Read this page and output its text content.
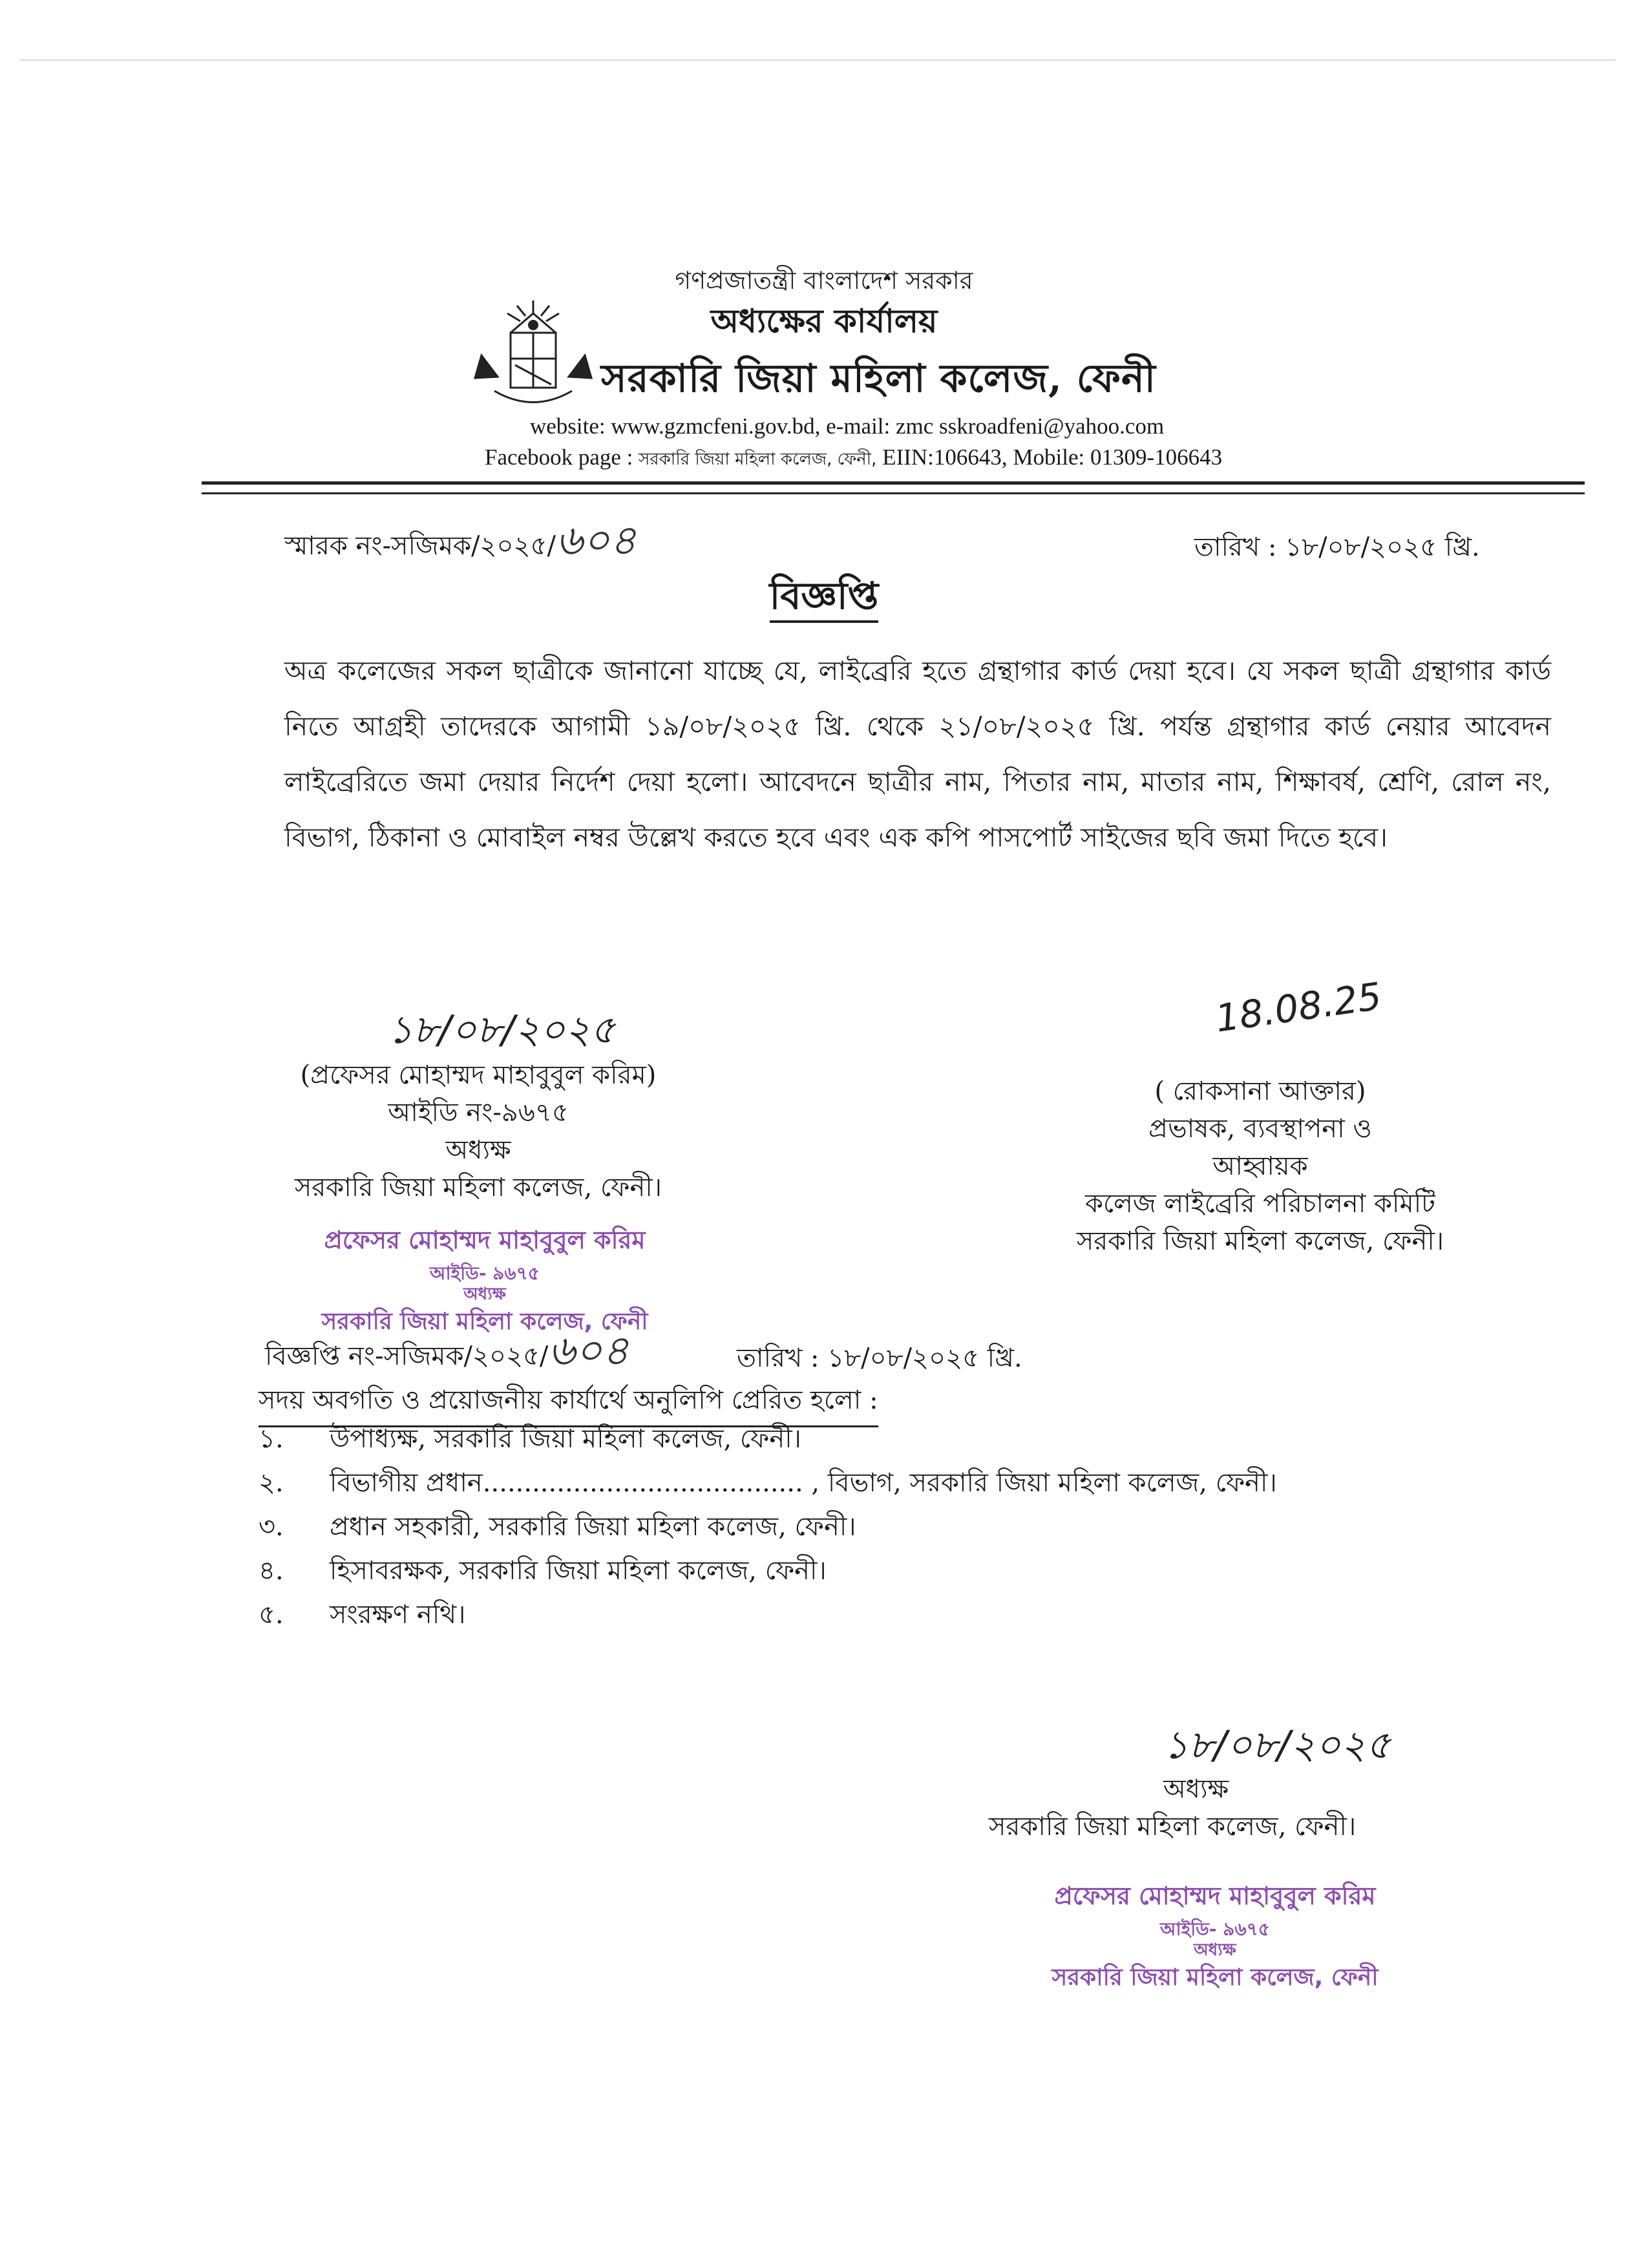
গণপ্রজাতন্ত্রী বাংলাদেশ সরকার
অধ্যক্ষের কার্যালয়
সরকারি জিয়া মহিলা কলেজ, ফেনী
website: www.gzmcfeni.gov.bd, e-mail: zmc sskroadfeni@yahoo.com
Facebook page : সরকারি জিয়া মহিলা কলেজ, ফেনী, EIIN:106643, Mobile: 01309-106643
স্মারক নং-সজিমক/২০২৫/৬০৪	তারিখ : ১৮/০৮/২০২৫ খ্রি.
বিজ্ঞপ্তি
অত্র কলেজের সকল ছাত্রীকে জানানো যাচ্ছে যে, লাইব্রেরি হতে গ্রন্থাগার কার্ড দেয়া হবে। যে সকল ছাত্রী গ্রন্থাগার কার্ড নিতে আগ্রহী তাদেরকে আগামী ১৯/০৮/২০২৫ খ্রি. থেকে ২১/০৮/২০২৫ খ্রি. পর্যন্ত গ্রন্থাগার কার্ড নেয়ার আবেদন লাইব্রেরিতে জমা দেয়ার নির্দেশ দেয়া হলো। আবেদনে ছাত্রীর নাম, পিতার নাম, মাতার নাম, শিক্ষাবর্ষ, শ্রেণি, রোল নং, বিভাগ, ঠিকানা ও মোবাইল নম্বর উল্লেখ করতে হবে এবং এক কপি পাসপোর্ট সাইজের ছবি জমা দিতে হবে।
১৮/০৮/২০২৫	18.08.25
(প্রফেসর মোহাম্মদ মাহাবুবুল করিম)
আইডি নং-৯৬৭৫
অধ্যক্ষ
সরকারি জিয়া মহিলা কলেজ, ফেনী।
( রোকসানা আক্তার)
প্রভাষক, ব্যবস্থাপনা ও
আহ্বায়ক
কলেজ লাইব্রেরি পরিচালনা কমিটি
সরকারি জিয়া মহিলা কলেজ, ফেনী।
প্রফেসর মোহাম্মদ মাহাবুবুল করিম
আইডি- ৯৬৭৫
অধ্যক্ষ
সরকারি জিয়া মহিলা কলেজ, ফেনী
বিজ্ঞপ্তি নং-সজিমক/২০২৫/৬০৪	তারিখ : ১৮/০৮/২০২৫ খ্রি.
সদয় অবগতি ও প্রয়োজনীয় কার্যার্থে অনুলিপি প্রেরিত হলো :
১.	উপাধ্যক্ষ, সরকারি জিয়া মহিলা কলেজ, ফেনী।
২.	বিভাগীয় প্রধান....................................... , বিভাগ, সরকারি জিয়া মহিলা কলেজ, ফেনী।
৩.	প্রধান সহকারী, সরকারি জিয়া মহিলা কলেজ, ফেনী।
৪.	হিসাবরক্ষক, সরকারি জিয়া মহিলা কলেজ, ফেনী।
৫.	সংরক্ষণ নথি।
১৮/০৮/২০২৫
অধ্যক্ষ
সরকারি জিয়া মহিলা কলেজ, ফেনী।
প্রফেসর মোহাম্মদ মাহাবুবুল করিম
আইডি- ৯৬৭৫
অধ্যক্ষ
সরকারি জিয়া মহিলা কলেজ, ফেনী
